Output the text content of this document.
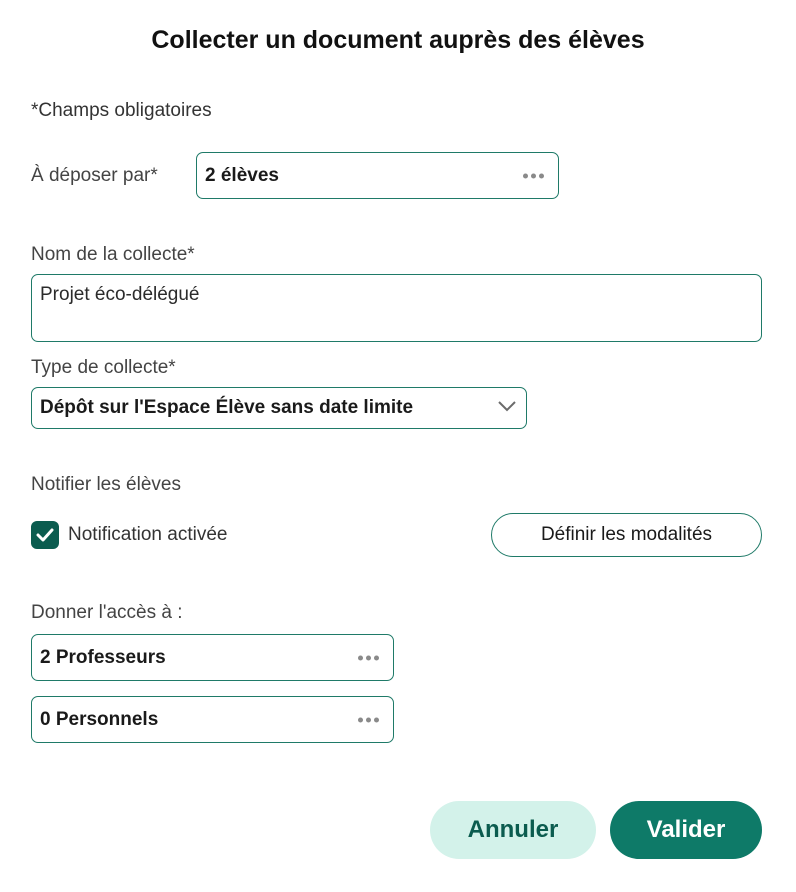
Collecter un document auprès des élèves
*Champs obligatoires
À déposer par* 2 élèves
Nom de la collecte*
Projet éco-délégué
Type de collecte*
Dépôt sur l'Espace Élève sans date limite
Notifier les élèves
Notification activée	Définir les modalités
Donner l'accès à :
2 Professeurs
0 Personnels
Annuler	Valider
